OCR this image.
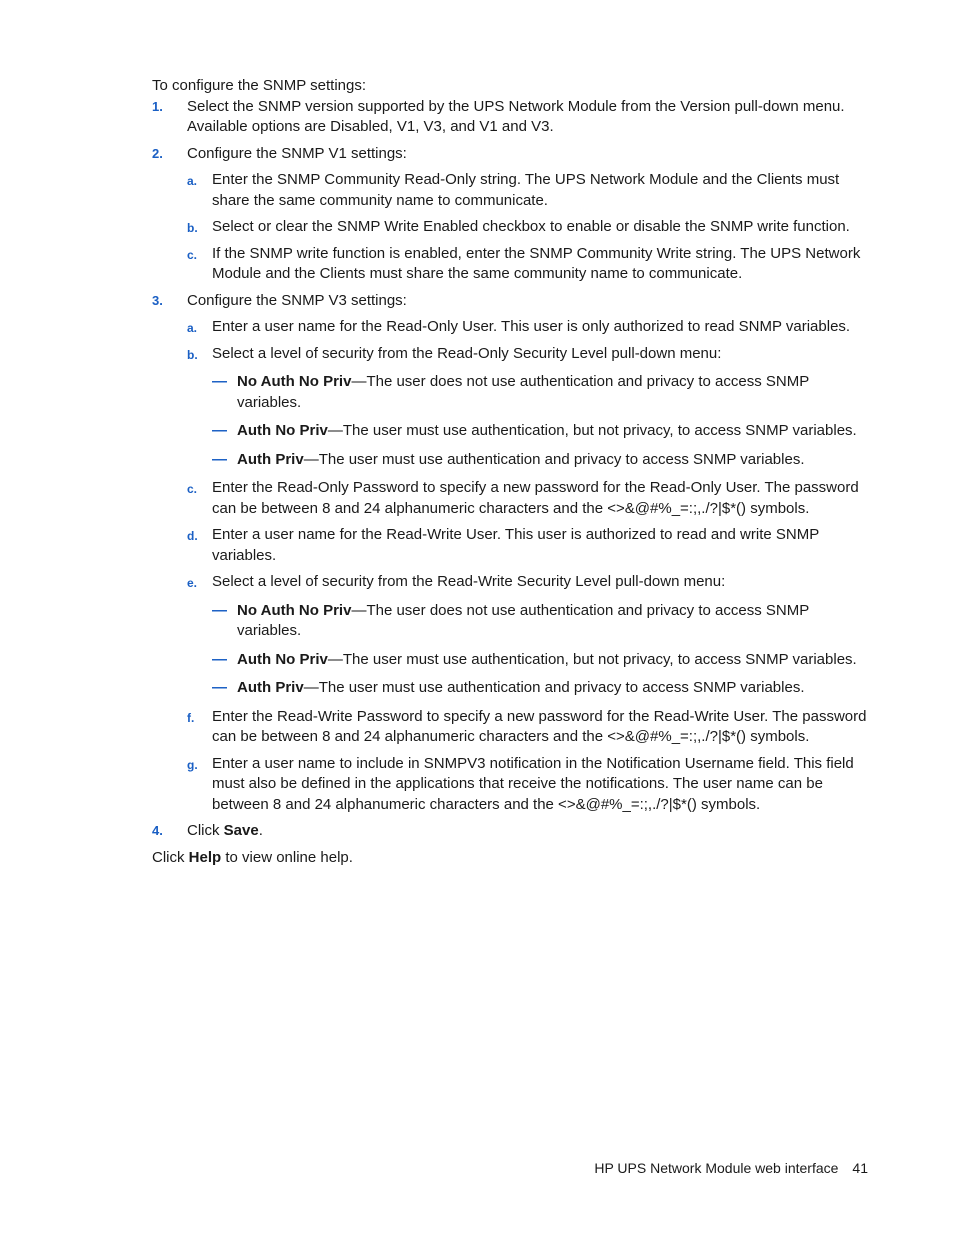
To configure the SNMP settings:

1. Select the SNMP version supported by the UPS Network Module from the Version pull-down menu. Available options are Disabled, V1, V3, and V1 and V3.
2. Configure the SNMP V1 settings:
a. Enter the SNMP Community Read-Only string. The UPS Network Module and the Clients must share the same community name to communicate.
b. Select or clear the SNMP Write Enabled checkbox to enable or disable the SNMP write function.
c. If the SNMP write function is enabled, enter the SNMP Community Write string. The UPS Network Module and the Clients must share the same community name to communicate.
3. Configure the SNMP V3 settings:
a. Enter a user name for the Read-Only User. This user is only authorized to read SNMP variables.
b. Select a level of security from the Read-Only Security Level pull-down menu:
— No Auth No Priv—The user does not use authentication and privacy to access SNMP variables.
— Auth No Priv—The user must use authentication, but not privacy, to access SNMP variables.
— Auth Priv—The user must use authentication and privacy to access SNMP variables.
c. Enter the Read-Only Password to specify a new password for the Read-Only User. The password can be between 8 and 24 alphanumeric characters and the <>&@#%_=:;,./?|$*() symbols.
d. Enter a user name for the Read-Write User. This user is authorized to read and write SNMP variables.
e. Select a level of security from the Read-Write Security Level pull-down menu:
— No Auth No Priv—The user does not use authentication and privacy to access SNMP variables.
— Auth No Priv—The user must use authentication, but not privacy, to access SNMP variables.
— Auth Priv—The user must use authentication and privacy to access SNMP variables.
f. Enter the Read-Write Password to specify a new password for the Read-Write User. The password can be between 8 and 24 alphanumeric characters and the <>&@#%_=:;,./?|$*() symbols.
g. Enter a user name to include in SNMPV3 notification in the Notification Username field. This field must also be defined in the applications that receive the notifications. The user name can be between 8 and 24 alphanumeric characters and the <>&@#%_=:;,./?|$*() symbols.
4. Click Save.

Click Help to view online help.

HP UPS Network Module web interface 41
